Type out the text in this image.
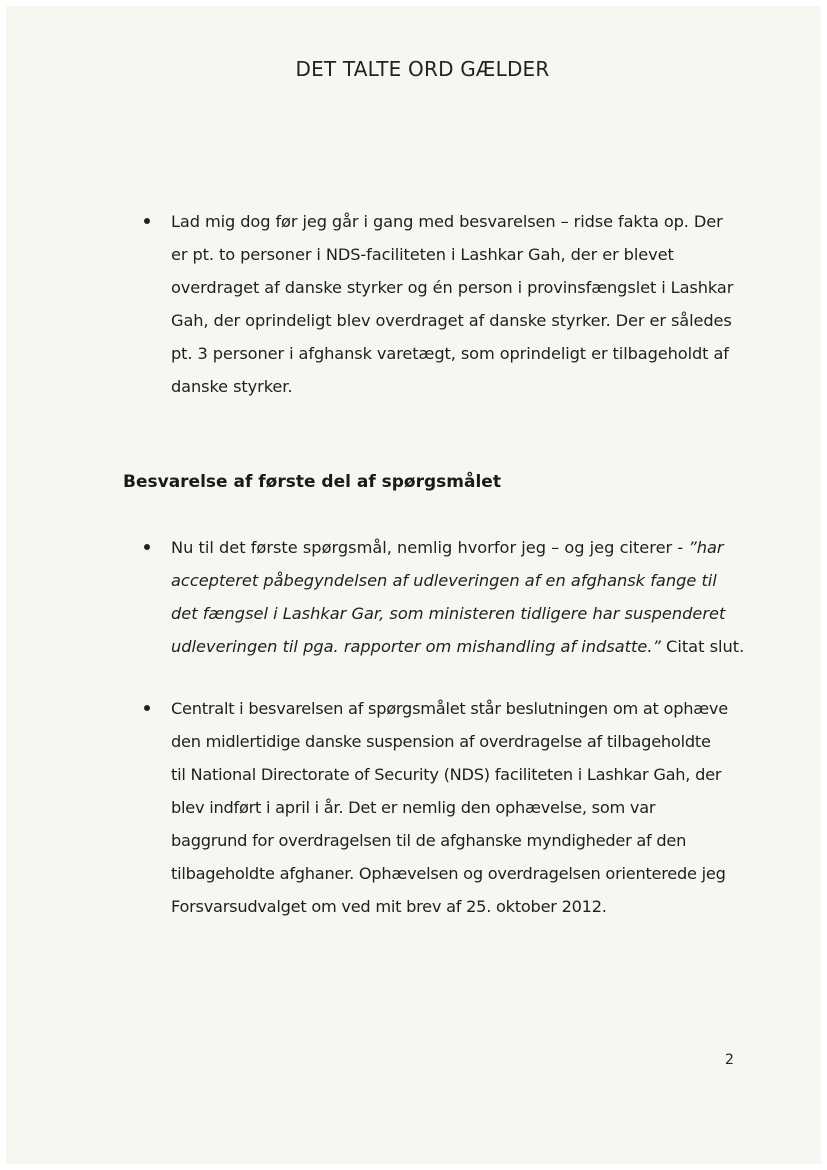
DET TALTE ORD GÆLDER
Lad mig dog før jeg går i gang med besvarelsen – ridse fakta op. Der
er pt. to personer i NDS-faciliteten i Lashkar Gah, der er blevet
overdraget af danske styrker og én person i provinsfængslet i Lashkar
Gah, der oprindeligt blev overdraget af danske styrker. Der er således
pt. 3 personer i afghansk varetægt, som oprindeligt er tilbageholdt af
danske styrker.
Besvarelse af første del af spørgsmålet
Nu til det første spørgsmål, nemlig hvorfor jeg – og jeg citerer - ”har
accepteret påbegyndelsen af udleveringen af en afghansk fange til
det fængsel i Lashkar Gar, som ministeren tidligere har suspenderet
udleveringen til pga. rapporter om mishandling af indsatte.” Citat slut.
Centralt i besvarelsen af spørgsmålet står beslutningen om at ophæve
den midlertidige danske suspension af overdragelse af tilbageholdte
til National Directorate of Security (NDS) faciliteten i Lashkar Gah, der
blev indført i april i år. Det er nemlig den ophævelse, som var
baggrund for overdragelsen til de afghanske myndigheder af den
tilbageholdte afghaner. Ophævelsen og overdragelsen orienterede jeg
Forsvarsudvalget om ved mit brev af 25. oktober 2012.
2
